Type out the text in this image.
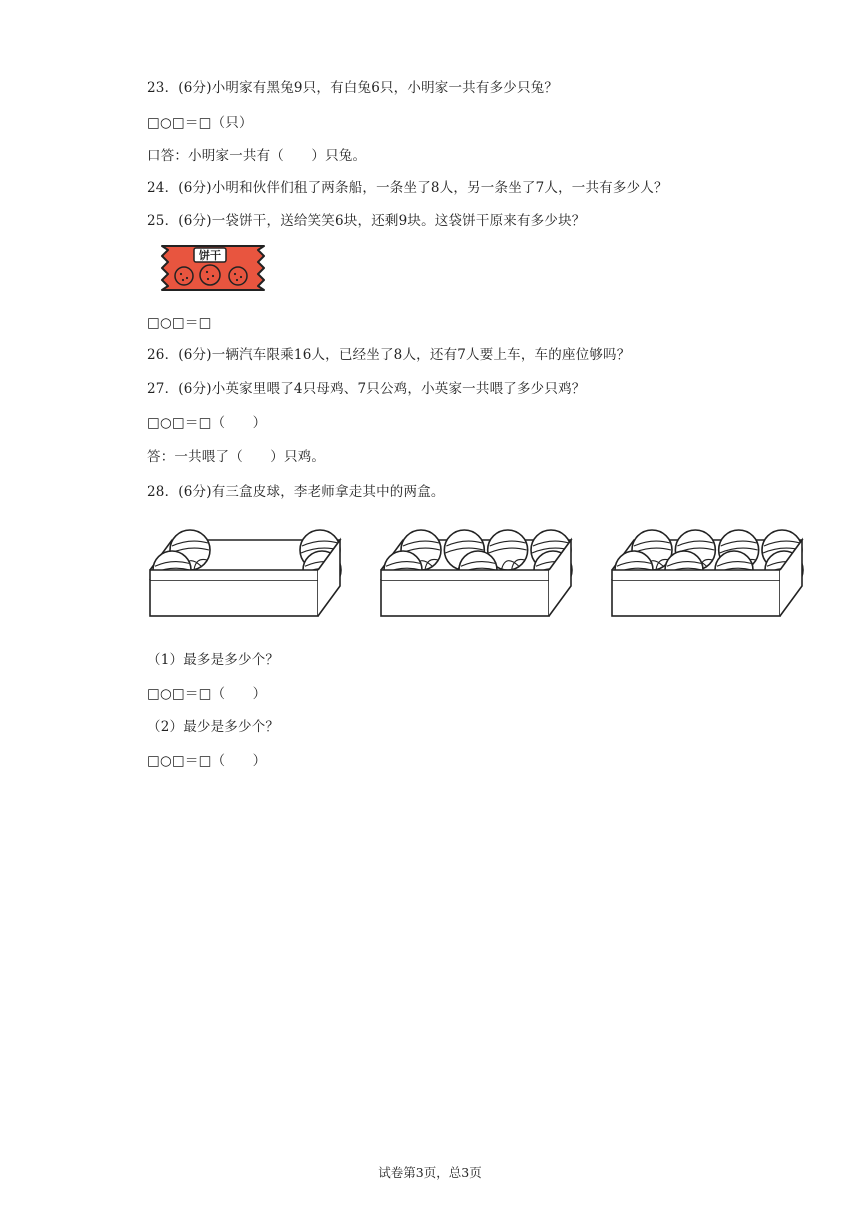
23．(6分)小明家有黑兔9只，有白兔6只，小明家一共有多少只兔？
□○□＝□（只）
口答：小明家一共有（　　）只兔。
24．(6分)小明和伙伴们租了两条船，一条坐了8人，另一条坐了7人，一共有多少人？
25．(6分)一袋饼干，送给笑笑6块，还剩9块。这袋饼干原来有多少块？
饼干
□○□＝□
26．(6分)一辆汽车限乘16人，已经坐了8人，还有7人要上车，车的座位够吗？
27．(6分)小英家里喂了4只母鸡、7只公鸡，小英家一共喂了多少只鸡？
□○□＝□（　　）
答：一共喂了（　　）只鸡。
28．(6分)有三盒皮球，李老师拿走其中的两盒。
（1）最多是多少个？
□○□＝□（　　）
（2）最少是多少个？
□○□＝□（　　）
试卷第3页，总3页
